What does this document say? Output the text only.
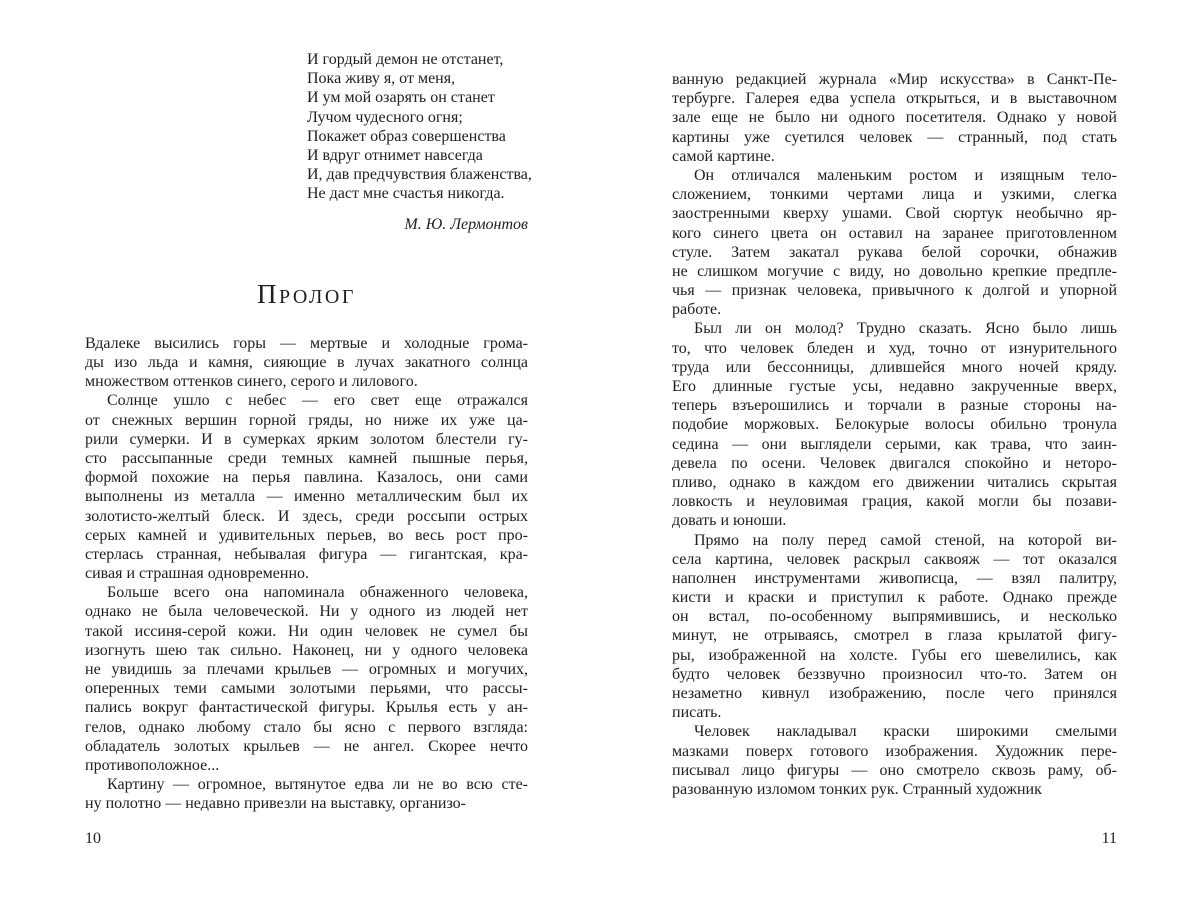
И гордый демон не отстанет,
Пока живу я, от меня,
И ум мой озарять он станет
Лучом чудесного огня;
Покажет образ совершенства
И вдруг отнимет навсегда
И, дав предчувствия блаженства,
Не даст мне счастья никогда.
М. Ю. Лермонтов
ПРОЛОГ
Вдалеке высились горы — мертвые и холодные грома-
ды изо льда и камня, сияющие в лучах закатного солнца
множеством оттенков синего, серого и лилового.
Солнце ушло с небес — его свет еще отражался
от снежных вершин горной гряды, но ниже их уже ца-
рили сумерки. И в сумерках ярким золотом блестели гу-
сто рассыпанные среди темных камней пышные перья,
формой похожие на перья павлина. Казалось, они сами
выполнены из металла — именно металлическим был их
золотисто-желтый блеск. И здесь, среди россыпи острых
серых камней и удивительных перьев, во весь рост про-
стерлась странная, небывалая фигура — гигантская, кра-
сивая и страшная одновременно.
Больше всего она напоминала обнаженного человека,
однако не была человеческой. Ни у одного из людей нет
такой иссиня-серой кожи. Ни один человек не сумел бы
изогнуть шею так сильно. Наконец, ни у одного человека
не увидишь за плечами крыльев — огромных и могучих,
оперенных теми самыми золотыми перьями, что рассы-
пались вокруг фантастической фигуры. Крылья есть у ан-
гелов, однако любому стало бы ясно с первого взгляда:
обладатель золотых крыльев — не ангел. Скорее нечто
противоположное...
Картину — огромное, вытянутое едва ли не во всю сте-
ну полотно — недавно привезли на выставку, организо-
10
ванную редакцией журнала «Мир искусства» в Санкт-Пе-
тербурге. Галерея едва успела открыться, и в выставочном
зале еще не было ни одного посетителя. Однако у новой
картины уже суетился человек — странный, под стать
самой картине.
Он отличался маленьким ростом и изящным тело-
сложением, тонкими чертами лица и узкими, слегка
заостренными кверху ушами. Свой сюртук необычно яр-
кого синего цвета он оставил на заранее приготовленном
стуле. Затем закатал рукава белой сорочки, обнажив
не слишком могучие с виду, но довольно крепкие предпле-
чья — признак человека, привычного к долгой и упорной
работе.
Был ли он молод? Трудно сказать. Ясно было лишь
то, что человек бледен и худ, точно от изнурительного
труда или бессонницы, длившейся много ночей кряду.
Его длинные густые усы, недавно закрученные вверх,
теперь взъерошились и торчали в разные стороны на-
подобие моржовых. Белокурые волосы обильно тронула
седина — они выглядели серыми, как трава, что заин-
девела по осени. Человек двигался спокойно и неторо-
пливо, однако в каждом его движении читались скрытая
ловкость и неуловимая грация, какой могли бы позави-
довать и юноши.
Прямо на полу перед самой стеной, на которой ви-
села картина, человек раскрыл саквояж — тот оказался
наполнен инструментами живописца, — взял палитру,
кисти и краски и приступил к работе. Однако прежде
он встал, по-особенному выпрямившись, и несколько
минут, не отрываясь, смотрел в глаза крылатой фигу-
ры, изображенной на холсте. Губы его шевелились, как
будто человек беззвучно произносил что-то. Затем он
незаметно кивнул изображению, после чего принялся
писать.
Человек накладывал краски широкими смелыми
мазками поверх готового изображения. Художник пере-
писывал лицо фигуры — оно смотрело сквозь раму, об-
разованную изломом тонких рук. Странный художник
11
